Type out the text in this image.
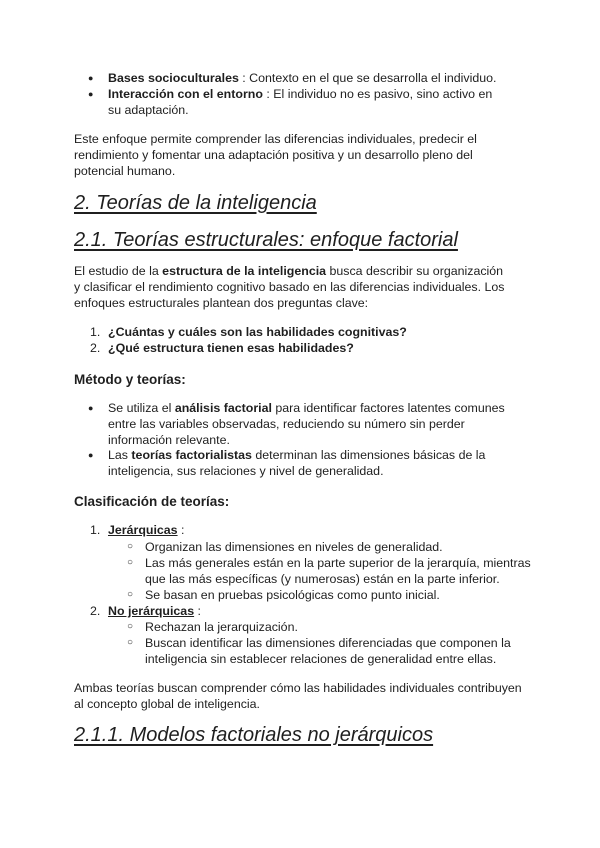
● Bases socioculturales : Contexto en el que se desarrolla el individuo.
● Interacción con el entorno : El individuo no es pasivo, sino activo en su adaptación.
Este enfoque permite comprender las diferencias individuales, predecir el rendimiento y fomentar una adaptación positiva y un desarrollo pleno del potencial humano.
2. Teorías de la inteligencia
2.1. Teorías estructurales: enfoque factorial
El estudio de la estructura de la inteligencia busca describir su organización y clasificar el rendimiento cognitivo basado en las diferencias individuales. Los enfoques estructurales plantean dos preguntas clave:
1. ¿Cuántas y cuáles son las habilidades cognitivas?
2. ¿Qué estructura tienen esas habilidades?
Método y teorías:
● Se utiliza el análisis factorial para identificar factores latentes comunes entre las variables observadas, reduciendo su número sin perder información relevante.
● Las teorías factorialistas determinan las dimensiones básicas de la inteligencia, sus relaciones y nivel de generalidad.
Clasificación de teorías:
1. Jerárquicas :
○ Organizan las dimensiones en niveles de generalidad.
○ Las más generales están en la parte superior de la jerarquía, mientras que las más específicas (y numerosas) están en la parte inferior.
○ Se basan en pruebas psicológicas como punto inicial.
2. No jerárquicas :
○ Rechazan la jerarquización.
○ Buscan identificar las dimensiones diferenciadas que componen la inteligencia sin establecer relaciones de generalidad entre ellas.
Ambas teorías buscan comprender cómo las habilidades individuales contribuyen al concepto global de inteligencia.
2.1.1. Modelos factoriales no jerárquicos
